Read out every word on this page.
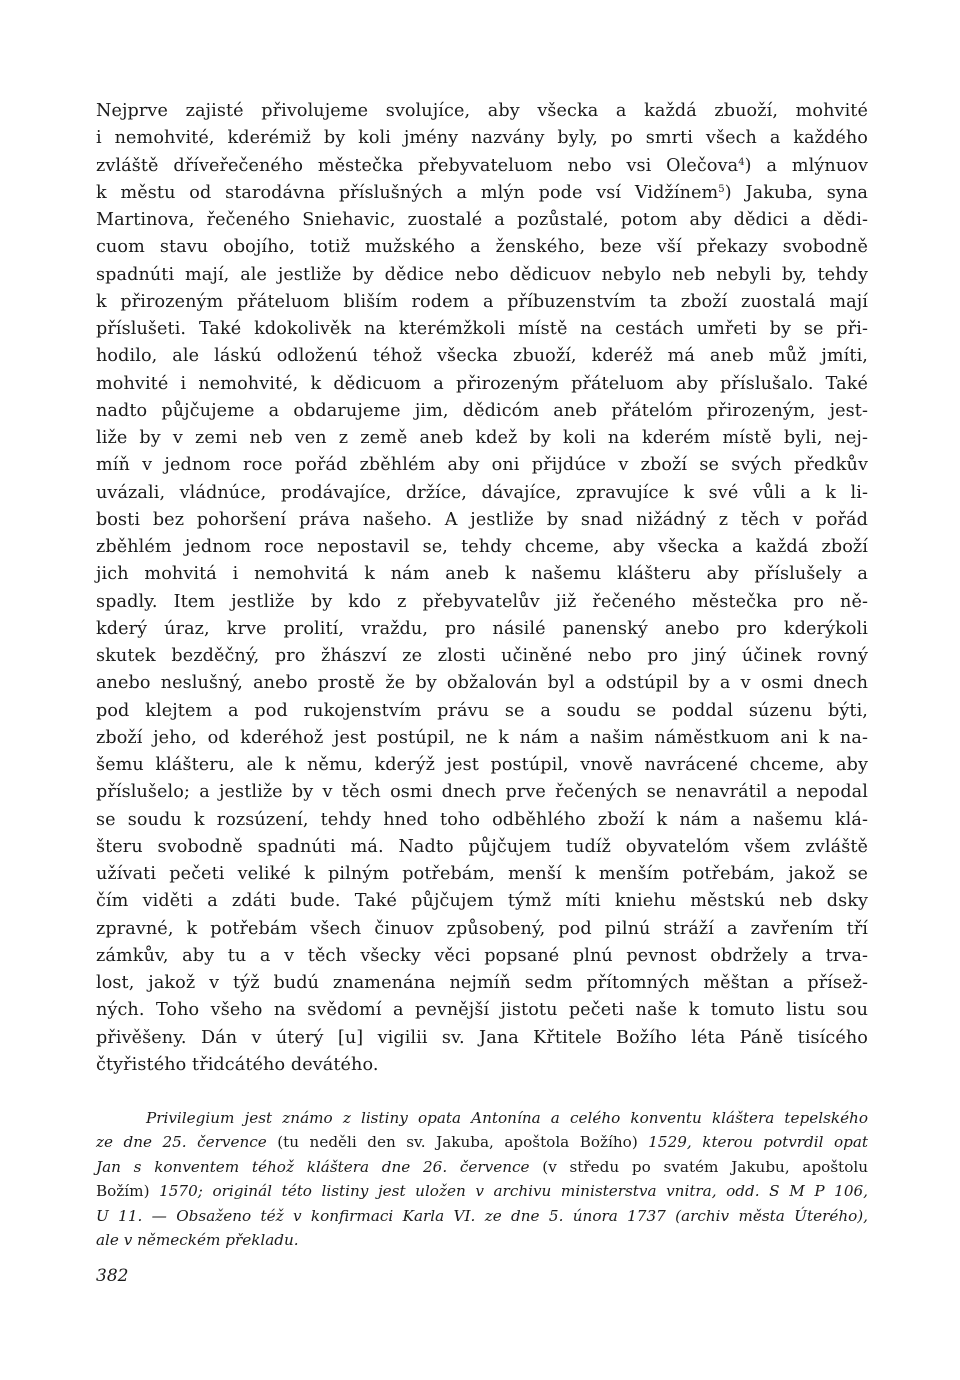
Nejprve zajisté přivolujeme svolujíce, aby všecka a každá zbuoží, mohvité
i nemohvité, kderémiž by koli jmény nazvány byly, po smrti všech a každého
zvláště dříveřečeného městečka přebyvateluom nebo vsi Olečova$^4$) a mlýnuov
k městu od starodávna příslušných a mlýn pode vsí Vidžínem$^5$) Jakuba, syna
Martinova, řečeného Sniehavic, zuostalé a pozůstalé, potom aby dědici a dědi-
cuom stavu obojího, totiž mužského a ženského, beze vší překazy svobodně
spadnúti mají, ale jestliže by dědice nebo dědicuov nebylo neb nebyli by, tehdy
k přirozeným přáteluom bliším rodem a příbuzenstvím ta zboží zuostalá mají
příslušeti. Také kdokolivěk na kterémžkoli místě na cestách umřeti by se při-
hodilo, ale láskú odloženú téhož všecka zbuoží, kderéž má aneb můž jmíti,
mohvité i nemohvité, k dědicuom a přirozeným přáteluom aby příslušalo. Také
nadto půjčujeme a obdarujeme jim, dědicóm aneb přátelóm přirozeným, jest-
liže by v zemi neb ven z země aneb kdež by koli na kderém místě byli, nej-
míň v jednom roce pořád zběhlém aby oni přijdúce v zboží se svých předkův
uvázali, vládnúce, prodávajíce, držíce, dávajíce, zpravujíce k své vůli a k li-
bosti bez pohoršení práva našeho. A jestliže by snad nižádný z těch v pořád
zběhlém jednom roce nepostavil se, tehdy chceme, aby všecka a každá zboží
jich mohvitá i nemohvitá k nám aneb k našemu klášteru aby příslušely a
spadly. Item jestliže by kdo z přebyvatelův již řečeného městečka pro ně-
kderý úraz, krve prolití, vraždu, pro násilé panenský anebo pro kderýkoli
skutek bezděčný, pro žhászví ze zlosti učiněné nebo pro jiný účinek rovný
anebo neslušný, anebo prostě že by obžalován byl a odstúpil by a v osmi dnech
pod klejtem a pod rukojenstvím právu se a soudu se poddal súzenu býti,
zboží jeho, od kderéhož jest postúpil, ne k nám a našim náměstkuom ani k na-
šemu klášteru, ale k němu, kderýž jest postúpil, vnově navrácené chceme, aby
příslušelo; a jestliže by v těch osmi dnech prve řečených se nenavrátil a nepodal
se soudu k rozsúzení, tehdy hned toho odběhlého zboží k nám a našemu klá-
šteru svobodně spadnúti má. Nadto půjčujem tudíž obyvatelóm všem zvláště
užívati pečeti veliké k pilným potřebám, menší k menším potřebám, jakož se
čím viděti a zdáti bude. Také půjčujem týmž míti kniehu městskú neb dsky
zpravné, k potřebám všech činuov způsobený, pod pilnú stráží a zavřením tří
zámkův, aby tu a v těch všecky věci popsané plnú pevnost obdržely a trva-
lost, jakož v týž budú znamenána nejmíň sedm přítomných měštan a přísež-
ných. Toho všeho na svědomí a pevnější jistotu pečeti naše k tomuto listu sou
přivěšeny. Dán v úterý [u] vigilii sv. Jana Křtitele Božího léta Páně tisícého
čtyřistého třidcátého devátého.
Privilegium jest známo z listiny opata Antonína a celého konventu kláštera tepelského
ze dne 25. července (tu neděli den sv. Jakuba, apoštola Božího) 1529, kterou potvrdil opat
Jan s konventem téhož kláštera dne 26. července (v středu po svatém Jakubu, apoštolu
Božím) 1570; originál této listiny jest uložen v archivu ministerstva vnitra, odd. S M P 106,
U 11. — Obsaženo též v konfirmaci Karla VI. ze dne 5. února 1737 (archiv města Úterého),
ale v německém překladu.
382
